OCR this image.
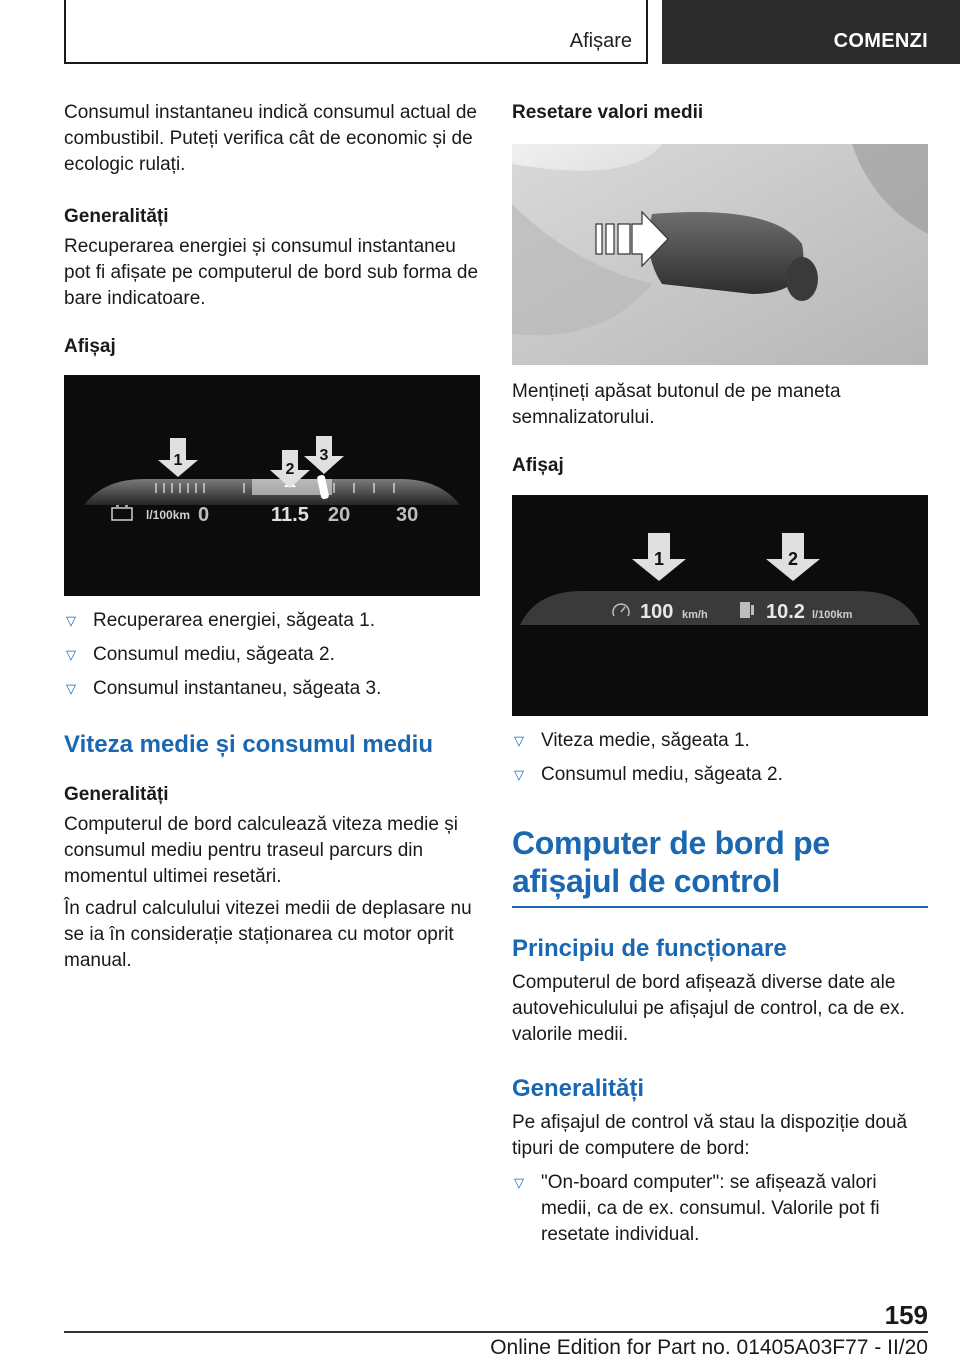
Afișare	COMENZI

Consumul instantaneu indică consumul actual de combustibil. Puteți verifica cât de economic și de ecologic rulați.

Generalități

Recuperarea energiei și consumul instantaneu pot fi afișate pe computerul de bord sub forma de bare indicatoare.

Afișaj

1
2
3
l/100km 0	11.5 20 30
▽ Recuperarea energiei, săgeata 1.
▽ Consumul mediu, săgeata 2.
▽ Consumul instantaneu, săgeata 3.

Viteza medie și consumul mediu

Generalități

Computerul de bord calculează viteza medie și consumul mediu pentru traseul parcurs din momentul ultimei resetări.

În cadrul calculului vitezei medii de deplasare nu se ia în considerație staționarea cu motor oprit manual.

Resetare valori medii

Mențineți apăsat butonul de pe maneta semnalizatorului.

Afișaj

1	2
100 km/h	10.2 l/100km
▽ Viteza medie, săgeata 1.
▽ Consumul mediu, săgeata 2.

Computer de bord pe afișajul de control

Principiu de funcționare

Computerul de bord afișează diverse date ale autovehiculului pe afișajul de control, ca de ex. valorile medii.

Generalități

Pe afișajul de control vă stau la dispoziție două tipuri de computere de bord:

▽ "On-board computer": se afișează valori medii, ca de ex. consumul. Valorile pot fi resetate individual.
159
Online Edition for Part no. 01405A03F77 - II/20
